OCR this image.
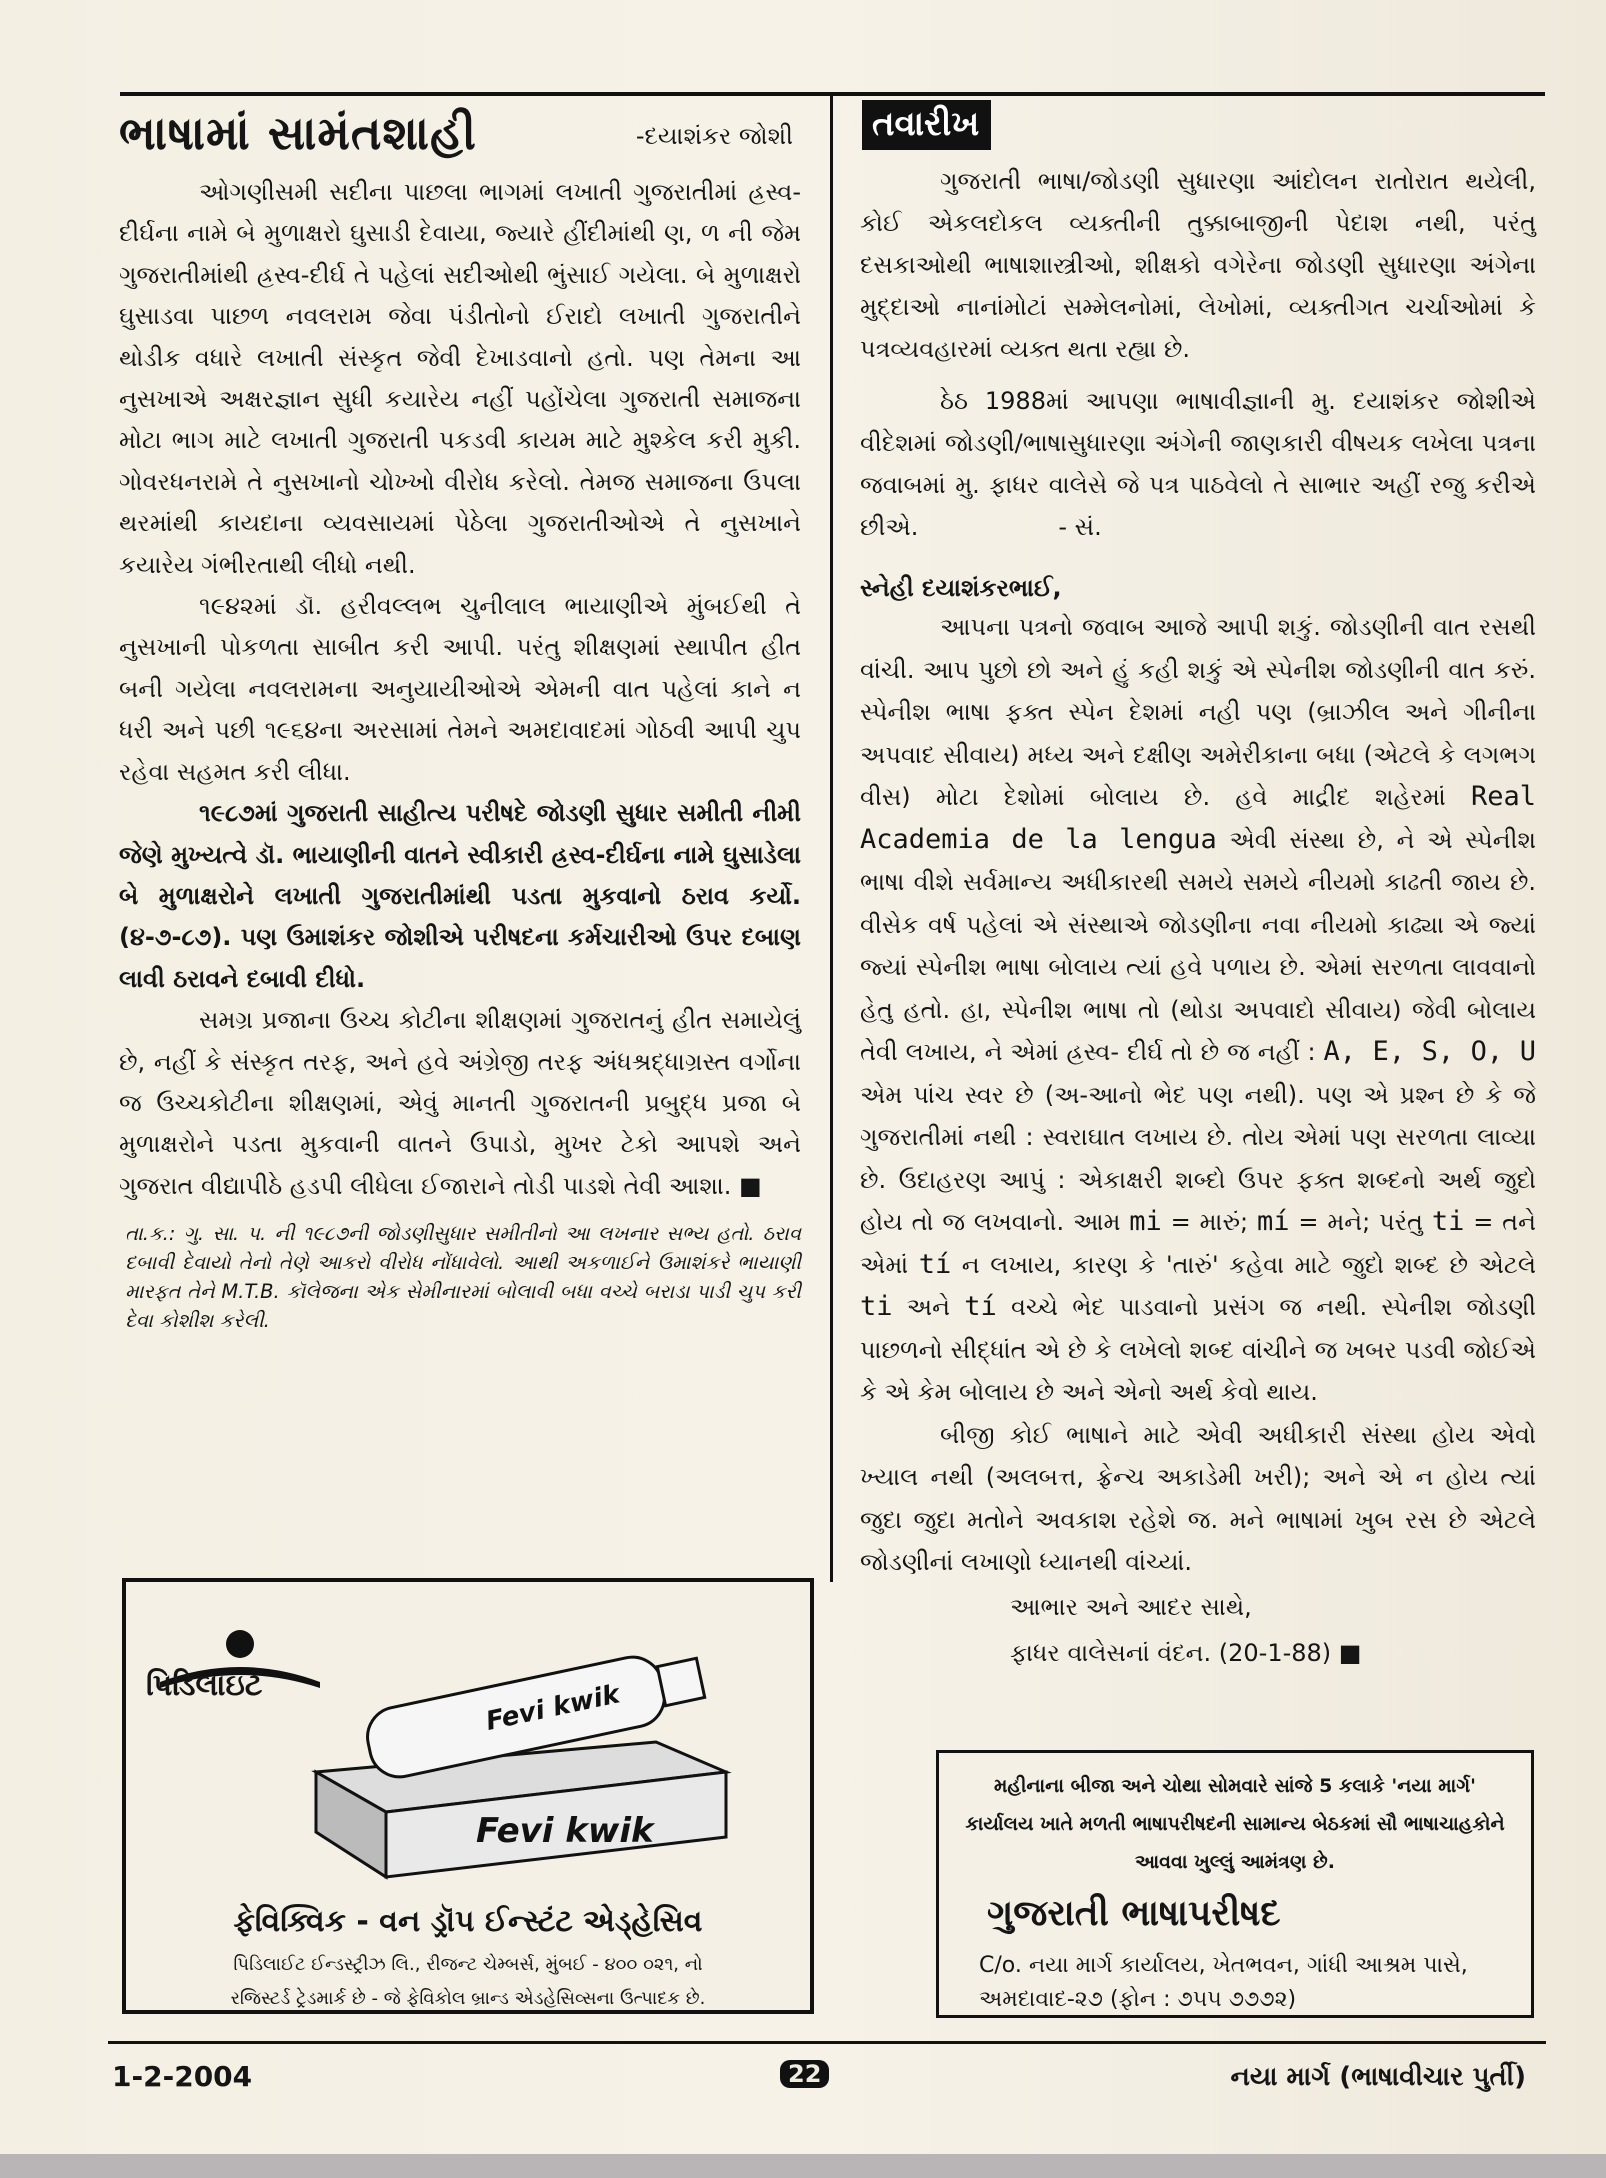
ભાષામાં સામંતશાહી	-દયાશંકર જોશી

ઓગણીસમી સદીના પાછલા ભાગમાં લખાતી ગુજરાતીમાં હ્રસ્વ-દીર્ઘના નામે બે મુળાક્ષરો ઘુસાડી દેવાયા, જ્યારે હીંદીમાંથી ણ, ળ ની જેમ ગુજરાતીમાંથી હ્રસ્વ-દીર્ઘ તે પહેલાં સદીઓથી ભુંસાઈ ગયેલા. બે મુળાક્ષરો ઘુસાડવા પાછળ નવલરામ જેવા પંડીતોનો ઈરાદો લખાતી ગુજરાતીને થોડીક વધારે લખાતી સંસ્કૃત જેવી દેખાડવાનો હતો. પણ તેમના આ નુસખાએ અક્ષરજ્ઞાન સુધી કયારેય નહીં પહોંચેલા ગુજરાતી સમાજના મોટા ભાગ માટે લખાતી ગુજરાતી પકડવી કાયમ માટે મુશ્કેલ કરી મુકી. ગોવરધનરામે તે નુસખાનો ચોખ્ખો વીરોધ કરેલો. તેમજ સમાજના ઉપલા થરમાંથી કાયદાના વ્યવસાયમાં પેઠેલા ગુજરાતીઓએ તે નુસખાને કયારેય ગંભીરતાથી લીધો નથી.

૧૯૪૨માં ડૉ. હરીવલ્લભ ચુનીલાલ ભાયાણીએ મુંબઈથી તે નુસખાની પોકળતા સાબીત કરી આપી. પરંતુ શીક્ષણમાં સ્થાપીત હીત બની ગયેલા નવલરામના અનુયાયીઓએ એમની વાત પહેલાં કાને ન ધરી અને પછી ૧૯૬૪ના અરસામાં તેમને અમદાવાદમાં ગોઠવી આપી ચુપ રહેવા સહમત કરી લીધા.

૧૯૮૭માં ગુજરાતી સાહીત્ય પરીષદે જોડણી સુધાર સમીતી નીમી જેણે મુખ્યત્વે ડૉ. ભાયાણીની વાતને સ્વીકારી હ્રસ્વ-દીર્ઘના નામે ઘુસાડેલા બે મુળાક્ષરોને લખાતી ગુજરાતીમાંથી પડતા મુકવાનો ઠરાવ કર્યો. (૪-૭-૮૭). પણ ઉમાશંકર જોશીએ પરીષદના કર્મચારીઓ ઉપર દબાણ લાવી ઠરાવને દબાવી દીધો.

સમગ્ર પ્રજાના ઉચ્ચ કોટીના શીક્ષણમાં ગુજરાતનું હીત સમાયેલું છે, નહીં કે સંસ્કૃત તરફ, અને હવે અંગ્રેજી તરફ અંધશ્રદ્ધાગ્રસ્ત વર્ગોના જ ઉચ્ચકોટીના શીક્ષણમાં, એવું માનતી ગુજરાતની પ્રબુદ્ધ પ્રજા બે મુળાક્ષરોને પડતા મુકવાની વાતને ઉપાડો, મુખર ટેકો આપશે અને ગુજરાત વીદ્યાપીઠે હડપી લીધેલા ઈજારાને તોડી પાડશે તેવી આશા. ■

તા.ક.: ગુ. સા. પ. ની ૧૯૮૭ની જોડણીસુધાર સમીતીનો આ લખનાર સભ્ય હતો. ઠરાવ દબાવી દેવાયો તેનો તેણે આકરો વીરોધ નોંધાવેલો. આથી અકળાઈને ઉમાશંકરે ભાયાણી મારફત તેને M.T.B. કૉલેજના એક સેમીનારમાં બોલાવી બધા વચ્ચે બરાડા પાડી ચુપ કરી દેવા કોશીશ કરેલી.
તવારીખ

ગુજરાતી ભાષા/જોડણી સુધારણા આંદોલન રાતોરાત થયેલી, કોઈ એકલદોકલ વ્યક્તીની તુક્કાબાજીની પેદાશ નથી, પરંતુ દસકાઓથી ભાષાશાસ્ત્રીઓ, શીક્ષકો વગેરેના જોડણી સુધારણા અંગેના મુદ્દાઓ નાનાંમોટાં સમ્મેલનોમાં, લેખોમાં, વ્યક્તીગત ચર્ચાઓમાં કે પત્રવ્યવહારમાં વ્યક્ત થતા રહ્યા છે.

ઠેઠ 1988માં આપણા ભાષાવીજ્ઞાની મુ. દયાશંકર જોશીએ વીદેશમાં જોડણી/ભાષાસુધારણા અંગેની જાણકારી વીષયક લખેલા પત્રના જવાબમાં મુ. ફાધર વાલેસે જે પત્ર પાઠવેલો તે સાભાર અહીં રજુ કરીએ છીએ.	- સં.

સ્નેહી દયાશંકરભાઈ,

આપના પત્રનો જવાબ આજે આપી શકું. જોડણીની વાત રસથી વાંચી. આપ પુછો છો અને હું કહી શકું એ સ્પેનીશ જોડણીની વાત કરું. સ્પેનીશ ભાષા ફક્ત સ્પેન દેશમાં નહી પણ (બ્રાઝીલ અને ગીનીના અપવાદ સીવાય) મધ્ય અને દક્ષીણ અમેરીકાના બધા (એટલે કે લગભગ વીસ) મોટા દેશોમાં બોલાય છે. હવે માદ્રીદ શહેરમાં Real Academia de la lengua એવી સંસ્થા છે, ને એ સ્પેનીશ ભાષા વીશે સર્વમાન્ય અધીકારથી સમયે સમયે નીયમો કાઢતી જાય છે. વીસેક વર્ષ પહેલાં એ સંસ્થાએ જોડણીના નવા નીયમો કાઢ્યા એ જ્યાં જ્યાં સ્પેનીશ ભાષા બોલાય ત્યાં હવે પળાય છે. એમાં સરળતા લાવવાનો હેતુ હતો. હા, સ્પેનીશ ભાષા તો (થોડા અપવાદો સીવાય) જેવી બોલાય તેવી લખાય, ને એમાં હ્રસ્વ- દીર્ઘ તો છે જ નહીં : A, E, S, O, U એમ પાંચ સ્વર છે (અ-આનો ભેદ પણ નથી). પણ એ પ્રશ્ન છે કે જે ગુજરાતીમાં નથી : સ્વરાઘાત લખાય છે. તોય એમાં પણ સરળતા લાવ્યા છે. ઉદાહરણ આપું : એકાક્ષરી શબ્દો ઉપર ફક્ત શબ્દનો અર્થ જુદો હોય તો જ લખવાનો. આમ mi = મારું; mí = મને; પરંતુ ti = તને એમાં tí ન લખાય, કારણ કે 'તારું' કહેવા માટે જુદો શબ્દ છે એટલે ti અને tí વચ્ચે ભેદ પાડવાનો પ્રસંગ જ નથી. સ્પેનીશ જોડણી પાછળનો સીદ્ધાંત એ છે કે લખેલો શબ્દ વાંચીને જ ખબર પડવી જોઈએ કે એ કેમ બોલાય છે અને એનો અર્થ કેવો થાય.

બીજી કોઈ ભાષાને માટે એવી અધીકારી સંસ્થા હોય એવો ખ્યાલ નથી (અલબત્ત, ફ્રેન્ચ અકાડેમી ખરી); અને એ ન હોય ત્યાં જુદા જુદા મતોને અવકાશ રહેશે જ. મને ભાષામાં ખુબ રસ છે એટલે જોડણીનાં લખાણો ધ્યાનથી વાંચ્યાં.

આભાર અને આદર સાથે,
ફાધર વાલેસનાં વંદન. (20-1-88) ■
પિડિલાઇટ	Fevi kwik
Fevi kwik
ફેવિક્વિક - વન ડ્રૉપ ઈન્સ્ટંટ એડ્હેસિવ
પિડિલાઈટ ઈન્ડસ્ટ્રીઝ લિ., રીજન્ટ ચેમ્બર્સ, મુંબઈ - ૪૦૦ ૦૨૧, નો
રજિસ્ટર્ડ ટ્રેડમાર્ક છે - જે ફેવિકોલ બ્રાન્ડ એડહેસિવ્સના ઉત્પાદક છે.
મહીનાના બીજા અને ચોથા સોમવારે સાંજે 5 કલાકે 'નયા માર્ગ' કાર્યાલય ખાતે મળતી ભાષાપરીષદની સામાન્ય બેઠકમાં સૌ ભાષાચાહકોને આવવા ખુલ્લું આમંત્રણ છે.
ગુજરાતી ભાષાપરીષદ
C/o. નયા માર્ગ કાર્યાલય, ખેતભવન, ગાંધી આશ્રમ પાસે, અમદાવાદ-૨૭ (ફોન : ૭૫૫ ૭૭૭૨)
1-2-2004	22	નયા માર્ગ (ભાષાવીચાર પુર્તી)
